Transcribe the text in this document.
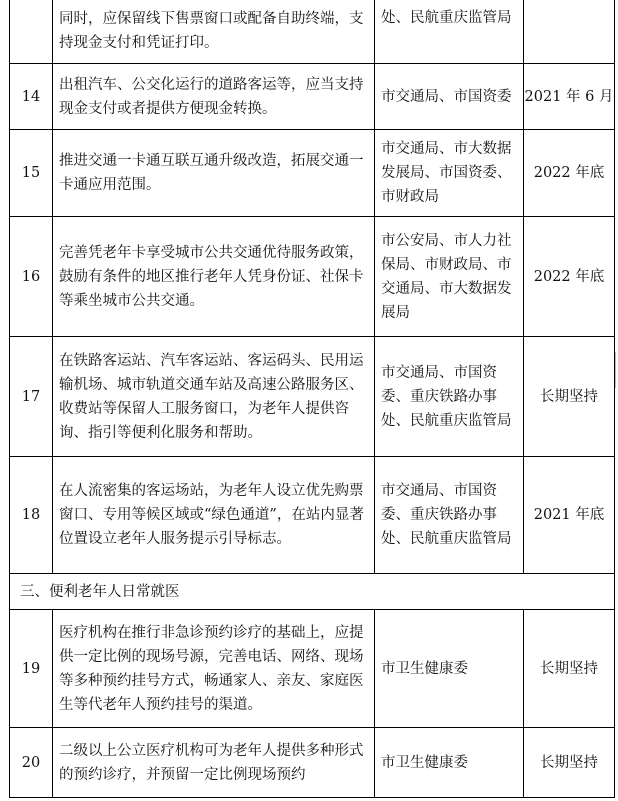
	同时，应保留线下售票窗口或配备自助终端，支持现金支付和凭证打印。	处、民航重庆监管局	
14	出租汽车、公交化运行的道路客运等，应当支持现金支付或者提供方便现金转换。	市交通局、市国资委	2021 年 6 月
15	推进交通一卡通互联互通升级改造，拓展交通一卡通应用范围。	市交通局、市大数据发展局、市国资委、市财政局	2022 年底
16	完善凭老年卡享受城市公共交通优待服务政策，鼓励有条件的地区推行老年人凭身份证、社保卡等乘坐城市公共交通。	市公安局、市人力社保局、市财政局、市交通局、市大数据发展局	2022 年底
17	在铁路客运站、汽车客运站、客运码头、民用运输机场、城市轨道交通车站及高速公路服务区、收费站等保留人工服务窗口，为老年人提供咨询、指引等便利化服务和帮助。	市交通局、市国资委、重庆铁路办事处、民航重庆监管局	长期坚持
18	在人流密集的客运场站，为老年人设立优先购票窗口、专用等候区域或“绿色通道”，在站内显著位置设立老年人服务提示引导标志。	市交通局、市国资委、重庆铁路办事处、民航重庆监管局	2021 年底
三、便利老年人日常就医			
19	医疗机构在推行非急诊预约诊疗的基础上，应提供一定比例的现场号源，完善电话、网络、现场等多种预约挂号方式，畅通家人、亲友、家庭医生等代老年人预约挂号的渠道。	市卫生健康委	长期坚持
20	二级以上公立医疗机构可为老年人提供多种形式的预约诊疗，并预留一定比例现场预约	市卫生健康委	长期坚持
